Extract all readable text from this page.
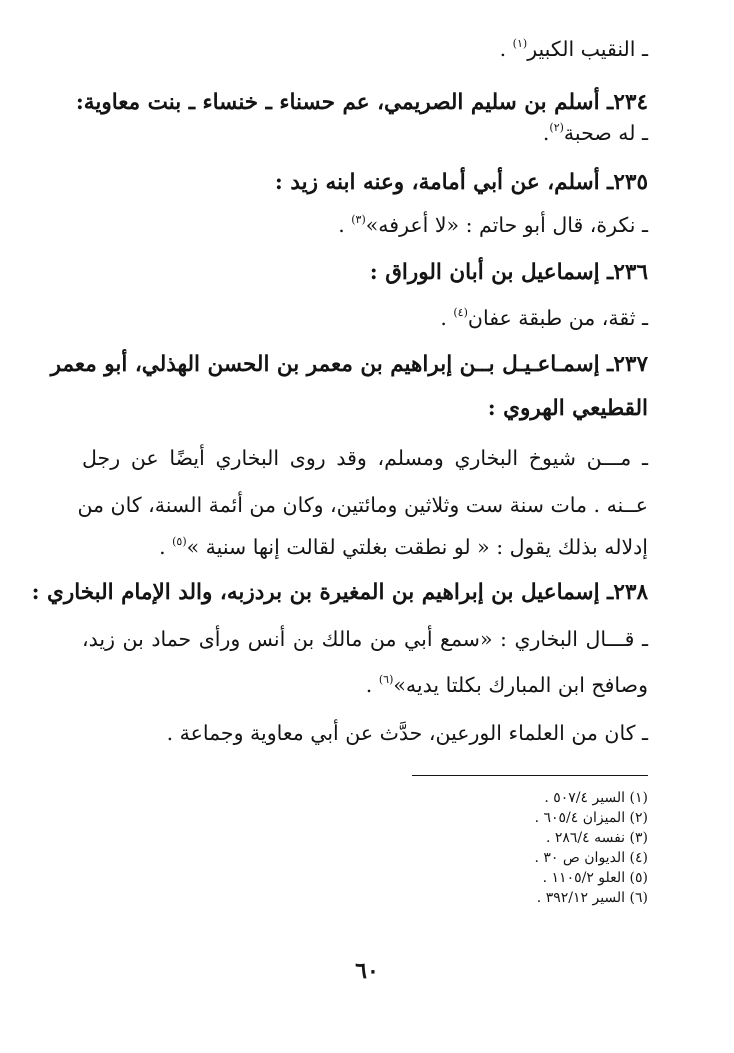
ـ النقيب الكبير$^{(١)}$ .
٢٣٤ـ أسلم بن سليم الصريمي، عم حسناء ـ خنساء ـ بنت معاوية:
ـ له صحبة$^{(٢)}$.
٢٣٥ـ أسلم، عن أبي أمامة، وعنه ابنه زيد :
ـ نكرة، قال أبو حاتم : «لا أعرفه»$^{(٣)}$ .
٢٣٦ـ إسماعيل بن أبان الوراق :
ـ ثقة، من طبقة عفان$^{(٤)}$ .
٢٣٧ـ إسمـاعـيـل بــن إبراهيم بن معمر بن الحسن الهذلي، أبو معمر
القطيعي الهروي :
ـ مـــن شيوخ البخاري ومسلم، وقد روى البخاري أيضًا عن رجل
عــنه . مات سنة ست وثلاثين ومائتين، وكان من أئمة السنة، كان من
إدلاله بذلك يقول : « لو نطقت بغلتي لقالت إنها سنية »$^{(٥)}$ .
٢٣٨ـ إسماعيل بن إبراهيم بن المغيرة بن بردزبه، والد الإمام البخاري :
ـ قـــال البخاري : «سمع أبي من مالك بن أنس ورأى حماد بن زيد،
وصافح ابن المبارك بكلتا يديه»$^{(٦)}$ .
ـ كان من العلماء الورعين، حدَّث عن أبي معاوية وجماعة .
(١) السير ٥٠٧/٤ .
(٢) الميزان ٦٠٥/٤ .
(٣) نفسه ٢٨٦/٤ .
(٤) الديوان ص ٣٠ .
(٥) العلو ١١٠٥/٢ .
(٦) السير ٣٩٢/١٢ .
٦٠
